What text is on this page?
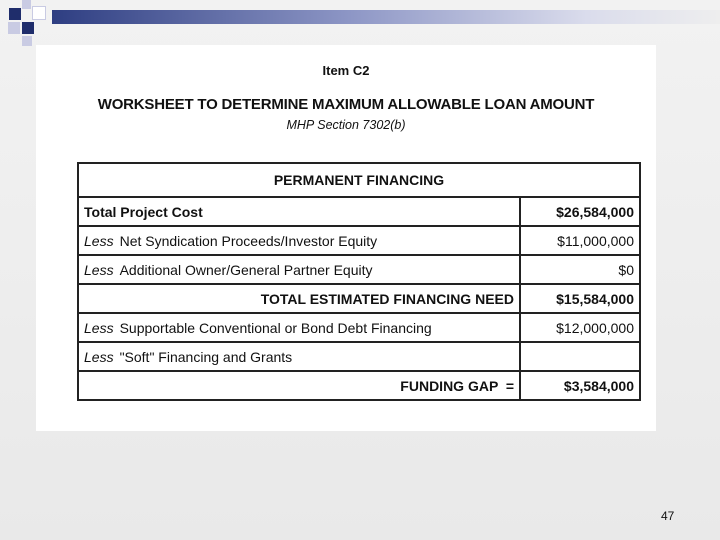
Item C2
WORKSHEET TO DETERMINE MAXIMUM ALLOWABLE LOAN AMOUNT
MHP Section 7302(b)
PERMANENT FINANCING	
Total Project Cost	$26,584,000
Less Net Syndication Proceeds/Investor Equity	$11,000,000
Less Additional Owner/General Partner Equity	$0
TOTAL ESTIMATED FINANCING NEED	$15,584,000
Less Supportable Conventional or Bond Debt Financing	$12,000,000
Less "Soft" Financing and Grants	
FUNDING GAP  =	$3,584,000
47
